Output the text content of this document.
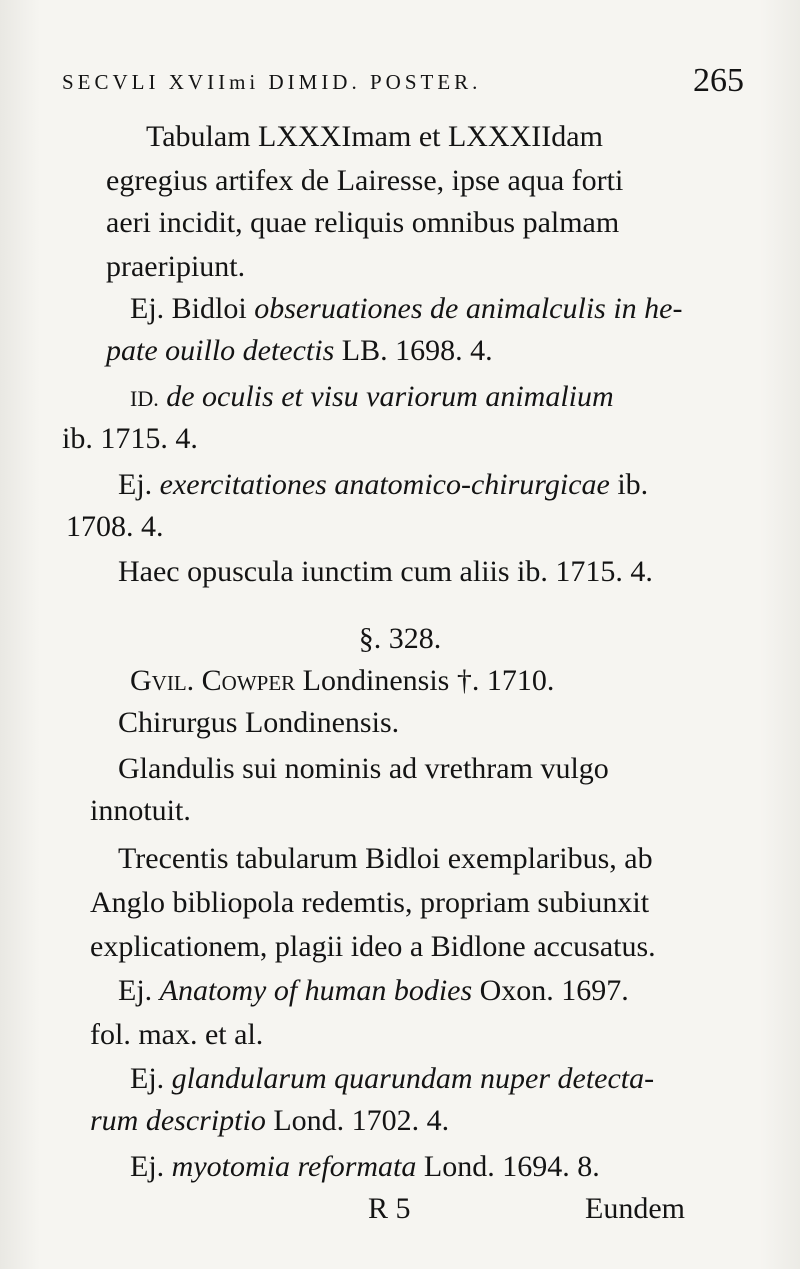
SECVLI XVIImi DIMID. POSTER.	265
Tabulam LXXXImam et LXXXIIdam
egregius artifex de Lairesse, ipse aqua forti
aeri incidit, quae reliquis omnibus palmam
praeripiunt.
Ej. Bidloi obseruationes de animalculis in he-
pate ouillo detectis LB. 1698. 4.
ID. de oculis et visu variorum animalium
ib. 1715. 4.
Ej. exercitationes anatomico-chirurgicae ib.
1708. 4.
Haec opuscula iunctim cum aliis ib. 1715. 4.
§. 328.
Gvil. Cowper Londinensis †. 1710.
Chirurgus Londinensis.
Glandulis sui nominis ad vrethram vulgo
innotuit.
Trecentis tabularum Bidloi exemplaribus, ab
Anglo bibliopola redemtis, propriam subiunxit
explicationem, plagii ideo a Bidlone accusatus.
Ej. Anatomy of human bodies Oxon. 1697.
fol. max. et al.
Ej. glandularum quarundam nuper detecta-
rum descriptio Lond. 1702. 4.
Ej. myotomia reformata Lond. 1694. 8.
R 5	Eundem
